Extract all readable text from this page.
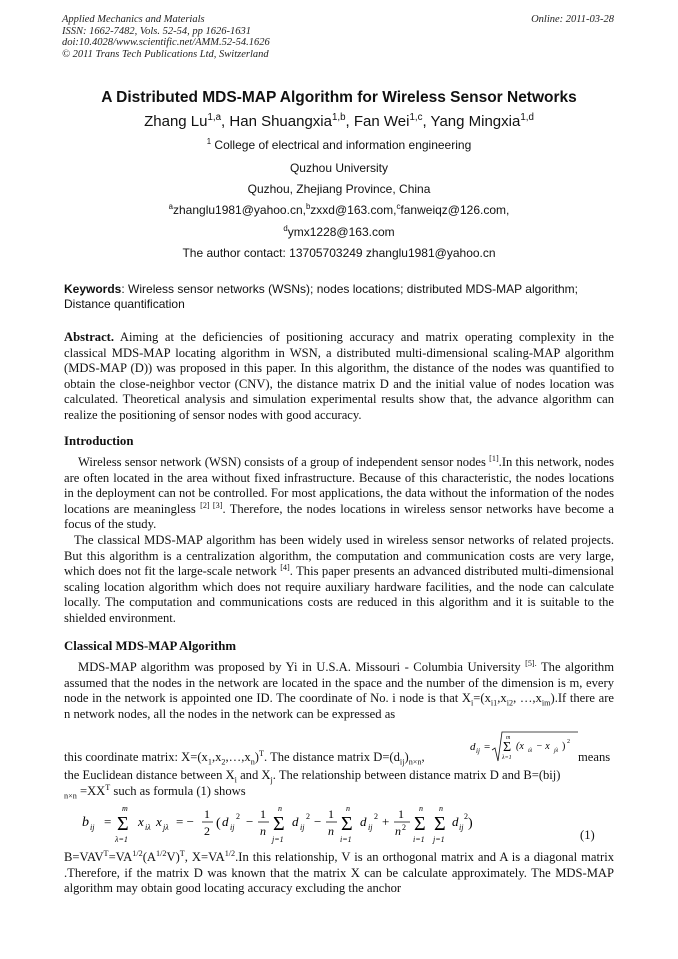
Applied Mechanics and Materials
ISSN: 1662-7482, Vols. 52-54, pp 1626-1631
doi:10.4028/www.scientific.net/AMM.52-54.1626
© 2011 Trans Tech Publications Ltd, Switzerland
Online: 2011-03-28
A Distributed MDS-MAP Algorithm for Wireless Sensor Networks
Zhang Lu$^{1,a}$, Han Shuangxia$^{1,b}$, Fan Wei$^{1,c}$, Yang Mingxia$^{1,d}$
$^1$ College of electrical and information engineering
Quzhou University
Quzhou, Zhejiang Province, China
$^a$zhanglu1981@yahoo.cn,$^b$zxxd@163.com,$^c$fanweiqz@126.com,
$^d$ymx1228@163.com
The author contact: 13705703249 zhanglu1981@yahoo.cn
Keywords: Wireless sensor networks (WSNs); nodes locations; distributed MDS-MAP algorithm; Distance quantification

Abstract. Aiming at the deficiencies of positioning accuracy and matrix operating complexity in the classical MDS-MAP locating algorithm in WSN, a distributed multi-dimensional scaling-MAP algorithm (MDS-MAP (D)) was proposed in this paper. In this algorithm, the distance of the nodes was quantified to obtain the close-neighbor vector (CNV), the distance matrix D and the initial value of nodes location was calculated. Theoretical analysis and simulation experimental results show that, the advance algorithm can realize the positioning of sensor nodes with good accuracy.

Introduction

Wireless sensor network (WSN) consists of a group of independent sensor nodes [1].In this network, nodes are often located in the area without fixed infrastructure. Because of this characteristic, the nodes locations in the deployment can not be controlled. For most applications, the data without the information of the nodes locations are meaningless [2] [3]. Therefore, the nodes locations in wireless sensor networks have become a focus of the study.

The classical MDS-MAP algorithm has been widely used in wireless sensor networks of related projects. But this algorithm is a centralization algorithm, the computation and communication costs are very large, which does not fit the large-scale network [4]. This paper presents an advanced distributed multi-dimensional scaling location algorithm which does not require auxiliary hardware facilities, and the node can calculate locally. The computation and communications costs are reduced in this algorithm and it is suitable to the shielded environment.

Classical MDS-MAP Algorithm

MDS-MAP algorithm was proposed by Yi in U.S.A. Missouri - Columbia University $^{[5].}$ The algorithm assumed that the nodes in the network are located in the space and the number of the dimension is m, every node in the network is appointed one ID. The coordinate of No. i node is that $X_i=(x_{i1},x_{i2}$, $\dots,x_{im}).If$ there are n network nodes, all the nodes in the network can be expressed as

this coordinate matrix: $X=(x_1,x_2,\dots,x_n)^T$. The distance matrix $D=(d_{ij})_{n\times n}$,

d ij =
m
Σ
λ=1
(x iλ − x jλ ) 2
means

the Euclidean distance between $X_i$ and $X_j$. The relationship between distance matrix D and B=(bij)
$_{n\times n} =XX^T$ such as formula (1) shows

b ij =
m
Σ
λ=1
x iλ x jλ = − 1
2 ( d ij
2 − 1
n
n
Σ
j=1
d ij
2 − 1
n
n
Σ
i=1
d ij
2 + 1
n 2
n
Σ
i=1
n
Σ
j=1
d ij
2 )
(1)

$B=VAV^T=VA^{1/2}(A^{1/2}V)^T$, $X=VA^{1/2}.In$ this relationship, V is an orthogonal matrix and A is a diagonal matrix .Therefore, if the matrix D was known that the matrix X can be calculate approximately. The MDS-MAP algorithm may obtain good locating accuracy excluding the anchor
